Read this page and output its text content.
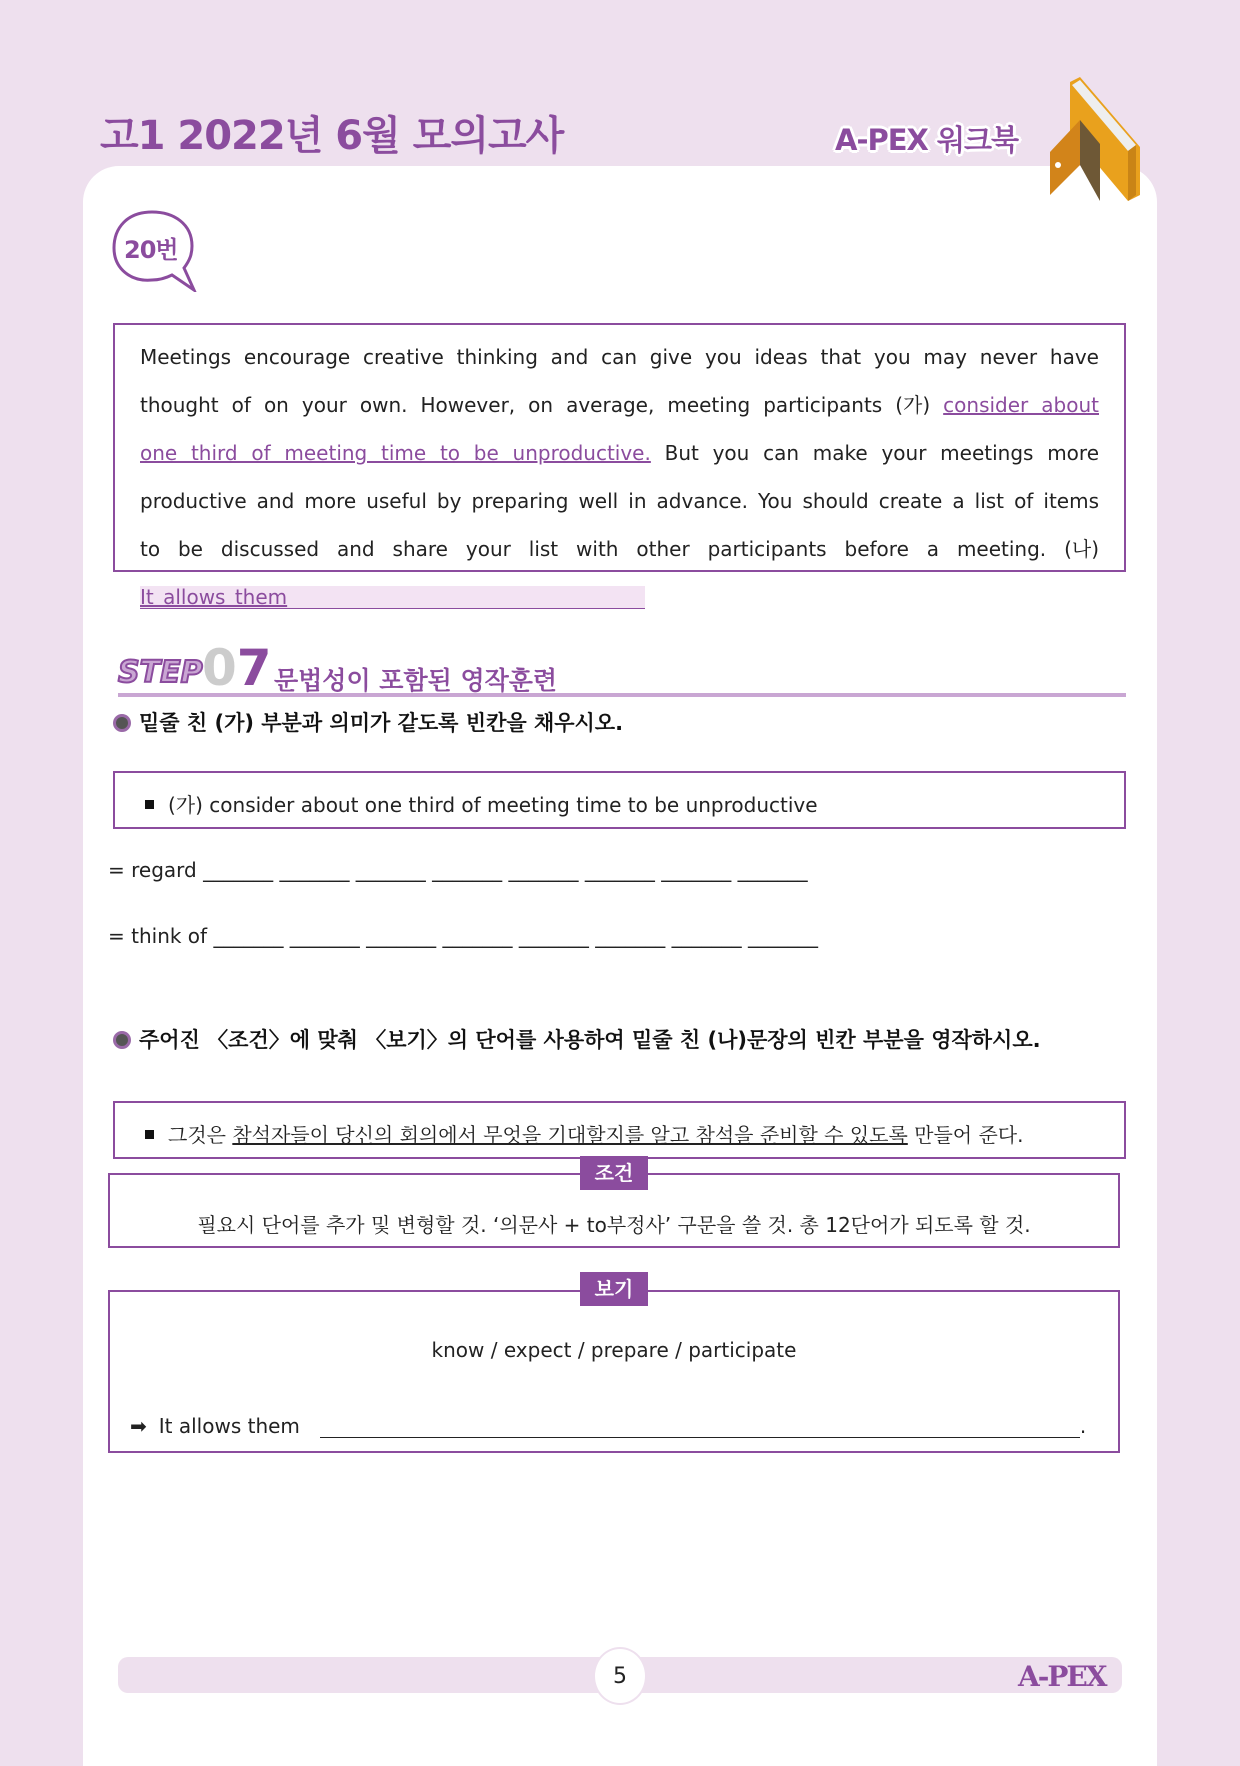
고1 2022년 6월 모의고사	A-PEX 워크북
20번
Meetings encourage creative thinking and can give you ideas that you may never have thought of on your own. However, on average, meeting participants (가) consider about one third of meeting time to be unproductive. But you can make your meetings more productive and more useful by preparing well in advance. You should create a list of items to be discussed and share your list with other participants before a meeting. (나) It allows them
STEP 07 문법성이 포함된 영작훈련
밑줄 친 (가) 부분과 의미가 같도록 빈칸을 채우시오.
(가) consider about one third of meeting time to be unproductive
= regard _______ _______ _______ _______ _______ _______ _______ _______
= think of _______ _______ _______ _______ _______ _______ _______ _______
주어진 〈조건〉에 맞춰 〈보기〉의 단어를 사용하여 밑줄 친 (나)문장의 빈칸 부분을 영작하시오.
그것은 참석자들이 당신의 회의에서 무엇을 기대할지를 알고 참석을 준비할 수 있도록 만들어 준다.
필요시 단어를 추가 및 변형할 것. ‘의문사 + to부정사’ 구문을 쓸 것. 총 12단어가 되도록 할 것.
조건
know / expect / prepare / participate
➡ It allows them	.
보기
5	A-PEX
